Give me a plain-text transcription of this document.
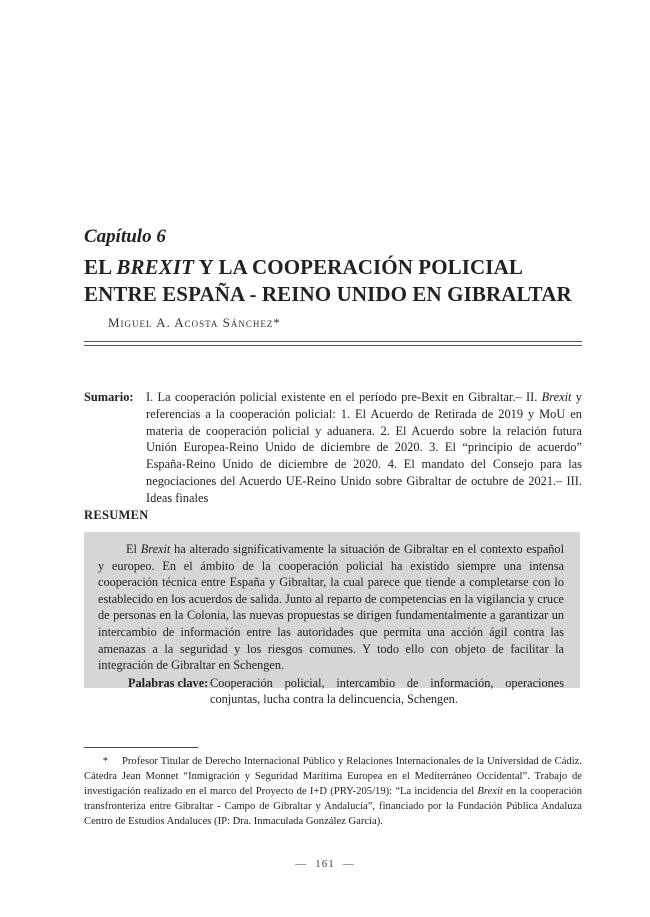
Capítulo 6
EL BREXIT Y LA COOPERACIÓN POLICIAL
ENTRE ESPAÑA - REINO UNIDO EN GIBRALTAR
Miguel A. Acosta Sánchez*
Sumario: I. La cooperación policial existente en el período pre-Bexit en Gibraltar.– II. Brexit y referencias a la cooperación policial: 1. El Acuerdo de Retirada de 2019 y MoU en materia de cooperación policial y aduanera. 2. El Acuerdo sobre la relación futura Unión Europea-Reino Unido de diciembre de 2020. 3. El “principio de acuerdo” España-Reino Unido de diciembre de 2020. 4. El mandato del Consejo para las negociaciones del Acuerdo UE-Reino Unido sobre Gibraltar de octubre de 2021.– III. Ideas finales
RESUMEN

El Brexit ha alterado significativamente la situación de Gibraltar en el contexto español y europeo. En el ámbito de la cooperación policial ha existido siempre una intensa cooperación técnica entre España y Gibraltar, la cual parece que tiende a completarse con lo establecido en los acuerdos de salida. Junto al reparto de competencias en la vigilancia y cruce de personas en la Colonia, las nuevas propuestas se dirigen fundamentalmente a garantizar un intercambio de información entre las autoridades que permita una acción ágil contra las amenazas a la seguridad y los riesgos comunes. Y todo ello con objeto de facilitar la integración de Gibraltar en Schengen.

Palabras clave: Cooperación policial, intercambio de información, operaciones conjuntas, lucha contra la delincuencia, Schengen.

* Profesor Titular de Derecho Internacional Público y Relaciones Internacionales de la Universidad de Cádiz. Cátedra Jean Monnet “Inmigración y Seguridad Marítima Europea en el Mediterráneo Occidental”. Trabajo de investigación realizado en el marco del Proyecto de I+D (PRY-205/19): “La incidencia del Brexit en la cooperación transfronteriza entre Gibraltar - Campo de Gibraltar y Andalucía”, financiado por la Fundación Pública Andaluza Centro de Estudios Andaluces (IP: Dra. Inmaculada González García).

— 161 —
